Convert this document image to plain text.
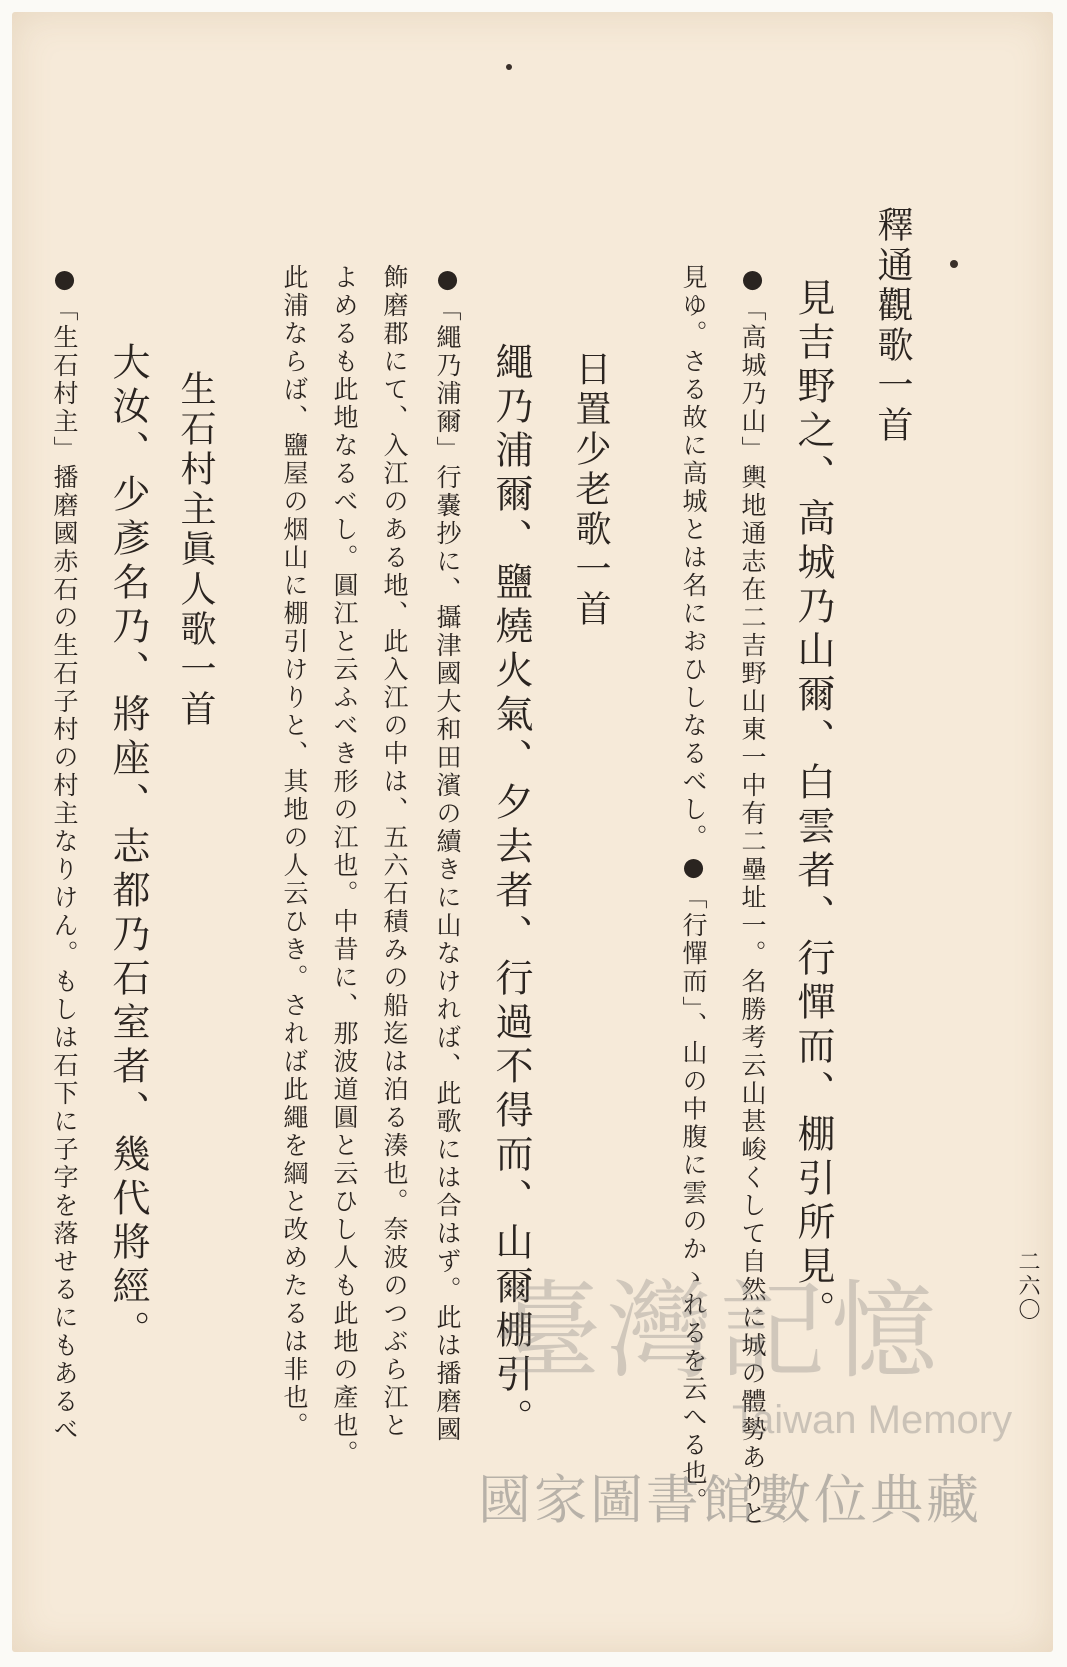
釋通觀歌一首
見吉野之、高城乃山爾、白雲者、行憚而、棚引所見。
●「高城乃山」輿地通志在二吉野山東一中有二壘址一。名勝考云山甚峻くして自然に城の體勢ありと
見ゆ。さる故に高城とは名におひしなるべし。●「行憚而」、山の中腹に雲のかゝれるを云へる也。
日置少老歌一首
繩乃浦爾、鹽燒火氣、夕去者、行過不得而、山爾棚引。
●「繩乃浦爾」行嚢抄に、攝津國大和田濱の續きに山なければ、此歌には合はず。此は播磨國
飾磨郡にて、入江のある地、此入江の中は、五六石積みの船迄は泊る湊也。奈波のつぶら江と
よめるも此地なるべし。圓江と云ふべき形の江也。中昔に、那波道圓と云ひし人も此地の產也。
此浦ならば、鹽屋の烟山に棚引けりと、其地の人云ひき。されば此繩を綱と改めたるは非也。
生石村主眞人歌一首
大汝、少彥名乃、將座、志都乃石室者、幾代將經。
●「生石村主」播磨國赤石の生石子村の村主なりけん。もしは石下に子字を落せるにもあるべ	二六〇
臺灣記憶
Taiwan Memory
國家圖書館數位典藏
